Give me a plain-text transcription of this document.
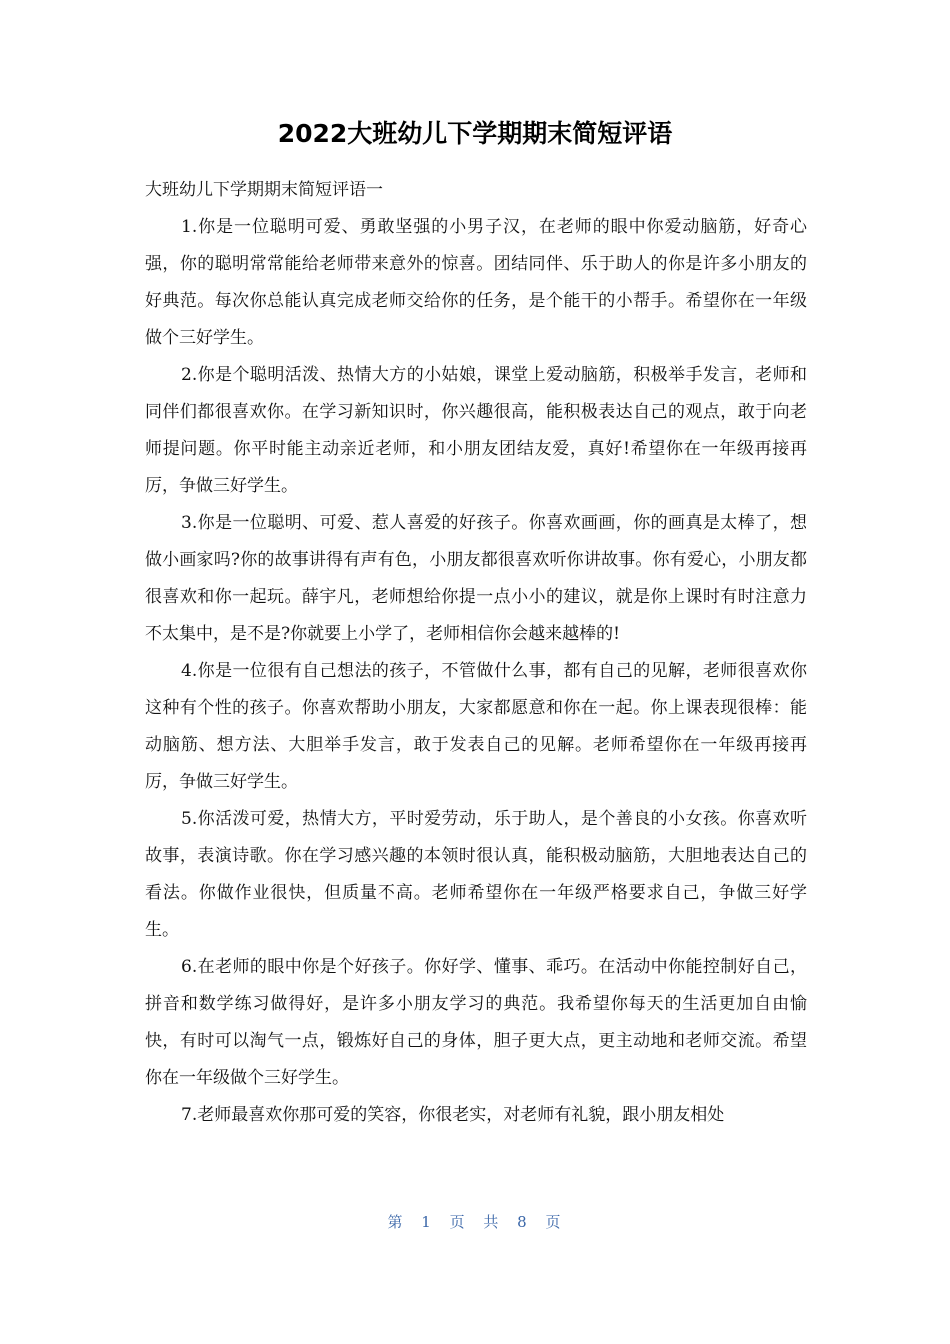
2022大班幼儿下学期期末简短评语

大班幼儿下学期期末简短评语一

1.你是一位聪明可爱、勇敢坚强的小男子汉，在老师的眼中你爱动脑筋，好奇心强，你的聪明常常能给老师带来意外的惊喜。团结同伴、乐于助人的你是许多小朋友的好典范。每次你总能认真完成老师交给你的任务，是个能干的小帮手。希望你在一年级做个三好学生。

2.你是个聪明活泼、热情大方的小姑娘，课堂上爱动脑筋，积极举手发言，老师和同伴们都很喜欢你。在学习新知识时，你兴趣很高，能积极表达自己的观点，敢于向老师提问题。你平时能主动亲近老师，和小朋友团结友爱，真好!希望你在一年级再接再厉，争做三好学生。

3.你是一位聪明、可爱、惹人喜爱的好孩子。你喜欢画画，你的画真是太棒了，想做小画家吗?你的故事讲得有声有色，小朋友都很喜欢听你讲故事。你有爱心，小朋友都很喜欢和你一起玩。薛宇凡，老师想给你提一点小小的建议，就是你上课时有时注意力不太集中，是不是?你就要上小学了，老师相信你会越来越棒的!

4.你是一位很有自己想法的孩子，不管做什么事，都有自己的见解，老师很喜欢你这种有个性的孩子。你喜欢帮助小朋友，大家都愿意和你在一起。你上课表现很棒：能动脑筋、想方法、大胆举手发言，敢于发表自己的见解。老师希望你在一年级再接再厉，争做三好学生。

5.你活泼可爱，热情大方，平时爱劳动，乐于助人，是个善良的小女孩。你喜欢听故事，表演诗歌。你在学习感兴趣的本领时很认真，能积极动脑筋，大胆地表达自己的看法。你做作业很快，但质量不高。老师希望你在一年级严格要求自己，争做三好学生。

6.在老师的眼中你是个好孩子。你好学、懂事、乖巧。在活动中你能控制好自己，拼音和数学练习做得好，是许多小朋友学习的典范。我希望你每天的生活更加自由愉快，有时可以淘气一点，锻炼好自己的身体，胆子更大点，更主动地和老师交流。希望你在一年级做个三好学生。

7.老师最喜欢你那可爱的笑容，你很老实，对老师有礼貌，跟小朋友相处

第 1 页 共 8 页
